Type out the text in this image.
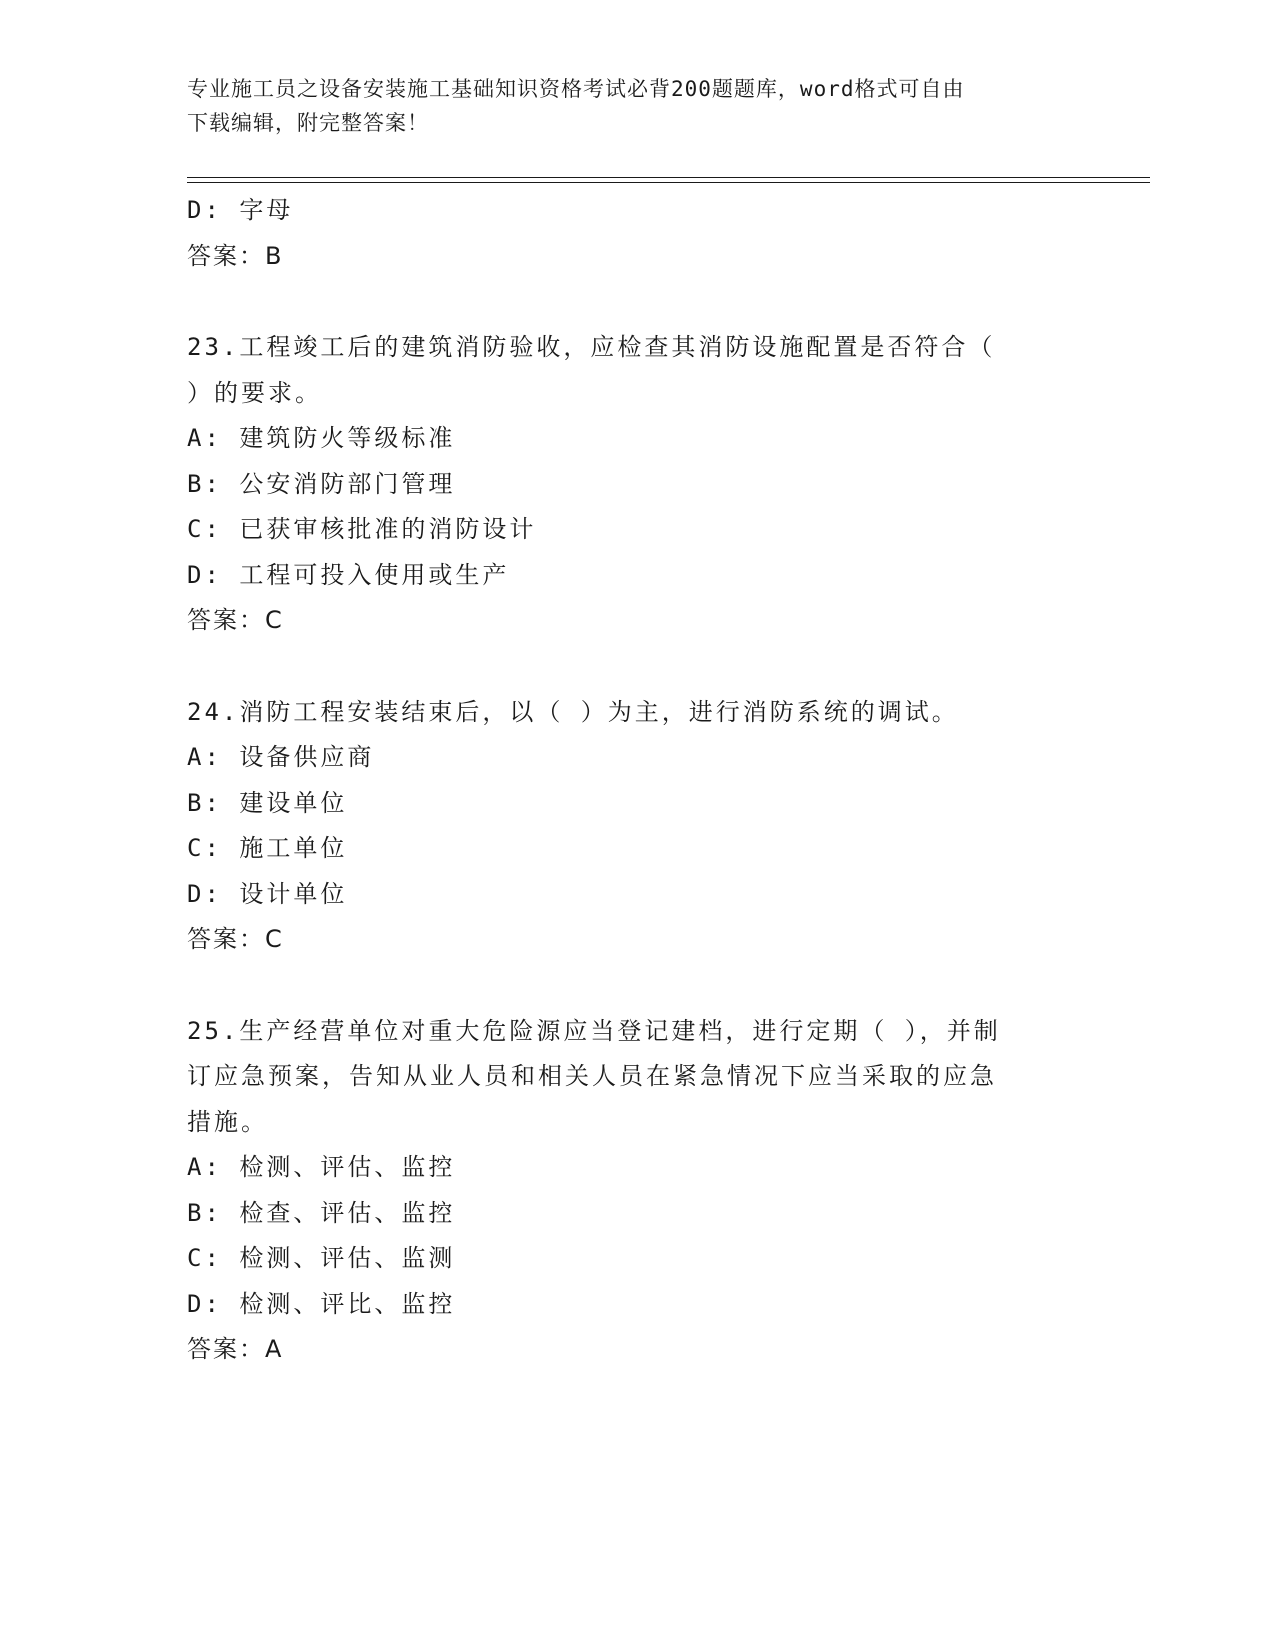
专业施工员之设备安装施工基础知识资格考试必背200题题库，word格式可自由
下载编辑，附完整答案！
D: 字母
答案：B
23.工程竣工后的建筑消防验收，应检查其消防设施配置是否符合（
）的要求。
A: 建筑防火等级标准
B: 公安消防部门管理
C: 已获审核批准的消防设计
D: 工程可投入使用或生产
答案：C
24.消防工程安装结束后，以（ ）为主，进行消防系统的调试。
A: 设备供应商
B: 建设单位
C: 施工单位
D: 设计单位
答案：C
25.生产经营单位对重大危险源应当登记建档，进行定期（ ），并制
订应急预案，告知从业人员和相关人员在紧急情况下应当采取的应急
措施。
A: 检测、评估、监控
B: 检查、评估、监控
C: 检测、评估、监测
D: 检测、评比、监控
答案：A
